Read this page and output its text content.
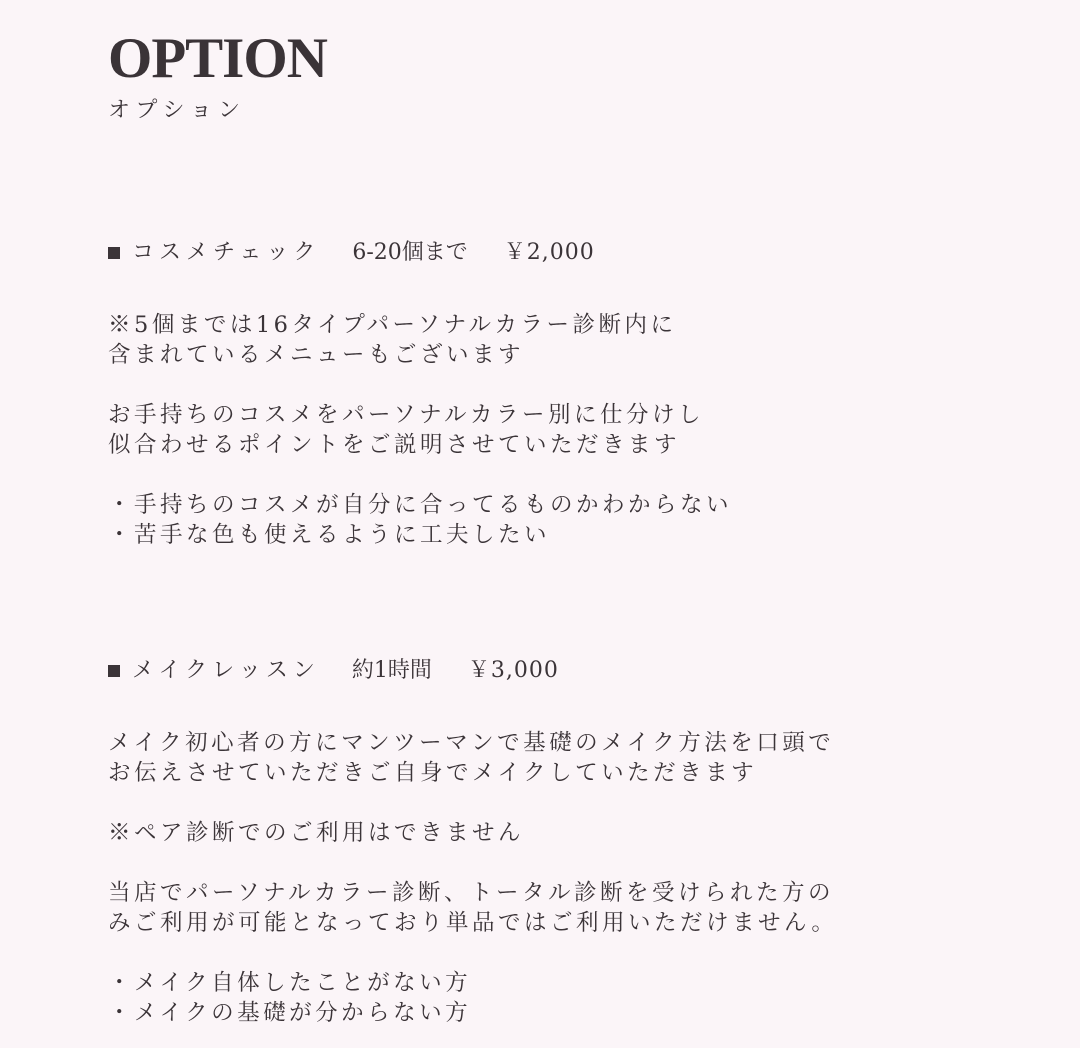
OPTION
オプション
コスメチェック 6-20個まで ￥2,000

※5個までは16タイプパーソナルカラー診断内に
含まれているメニューもございます

お手持ちのコスメをパーソナルカラー別に仕分けし
似合わせるポイントをご説明させていただきます

・手持ちのコスメが自分に合ってるものかわからない
・苦手な色も使えるように工夫したい

メイクレッスン 約1時間 ￥3,000

メイク初心者の方にマンツーマンで基礎のメイク方法を口頭で
お伝えさせていただきご自身でメイクしていただきます

※ペア診断でのご利用はできません

当店でパーソナルカラー診断、トータル診断を受けられた方の
みご利用が可能となっており単品ではご利用いただけません。

・メイク自体したことがない方
・メイクの基礎が分からない方
